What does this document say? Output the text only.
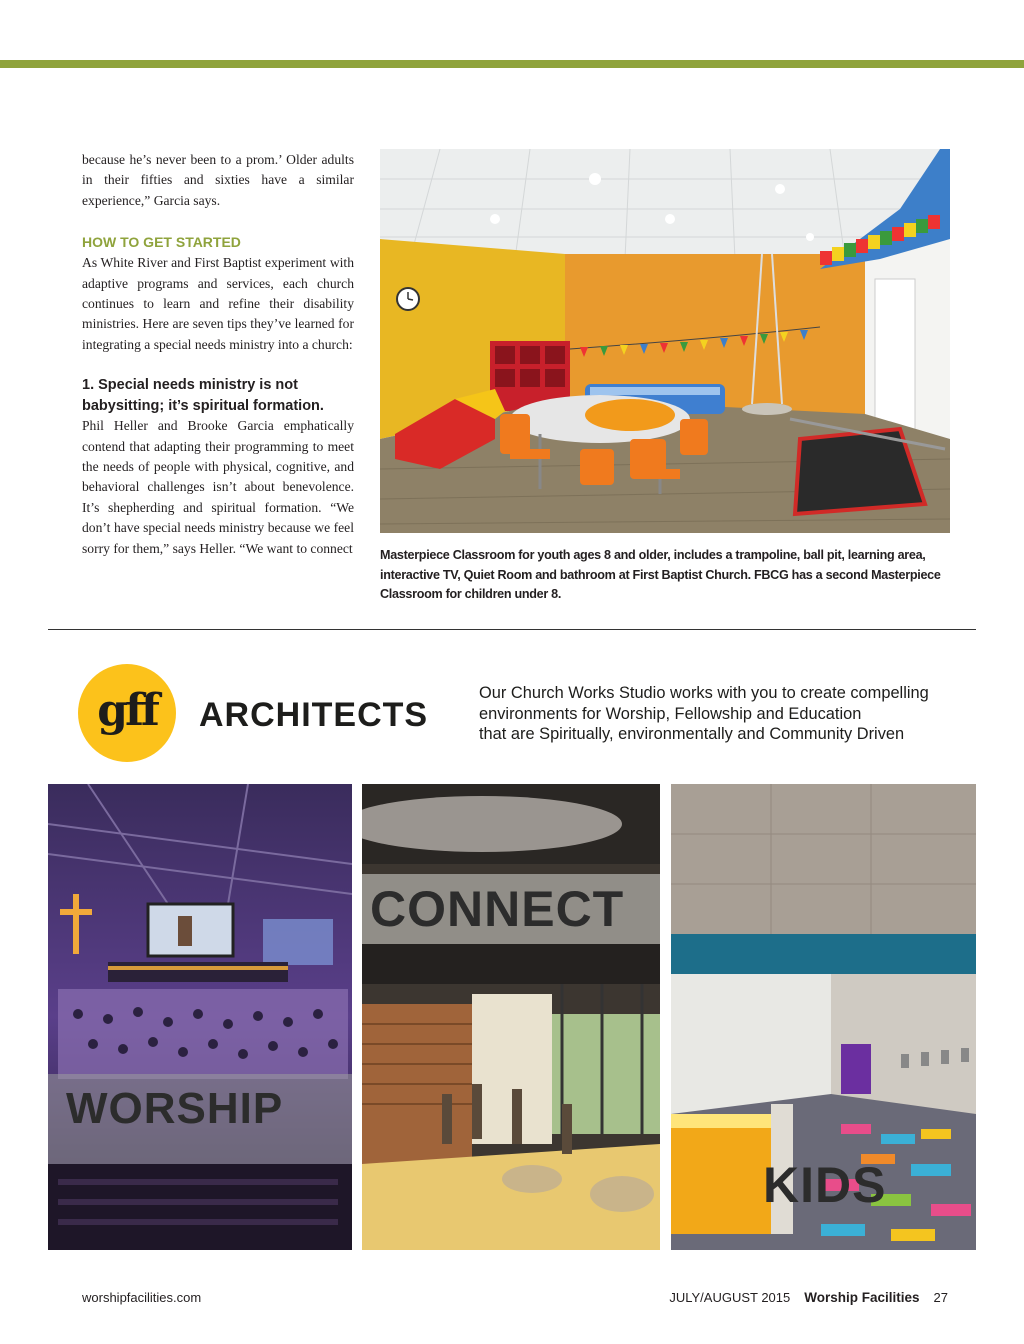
because he’s never been to a prom.’ Older adults in their fifties and sixties have a similar experience,” Garcia says.

HOW TO GET STARTED

As White River and First Baptist experiment with adaptive programs and services, each church continues to learn and refine their disability ministries. Here are seven tips they’ve learned for integrating a special needs ministry into a church:

1. Special needs ministry is not babysitting; it’s spiritual formation.

Phil Heller and Brooke Garcia emphatically contend that adapting their programming to meet the needs of people with physical, cognitive, and behavioral challenges isn’t about benevolence. It’s shepherding and spiritual formation. “We don’t have special needs ministry because we feel sorry for them,” says Heller. “We want to connect Masterpiece Classroom for youth ages 8 and older, includes a trampoline, ball pit, learning area, interactive TV, Quiet Room and bathroom at First Baptist Church. FBCG has a second Masterpiece Classroom for children under 8.
gff ARCHITECTS
Our Church Works Studio works with you to create compelling
environments for Worship, Fellowship and Education
that are Spiritually, environmentally and Community Driven
WORSHIP
CONNECT
KIDS
worshipfacilities.com	JULY/AUGUST 2015 Worship Facilities 27
